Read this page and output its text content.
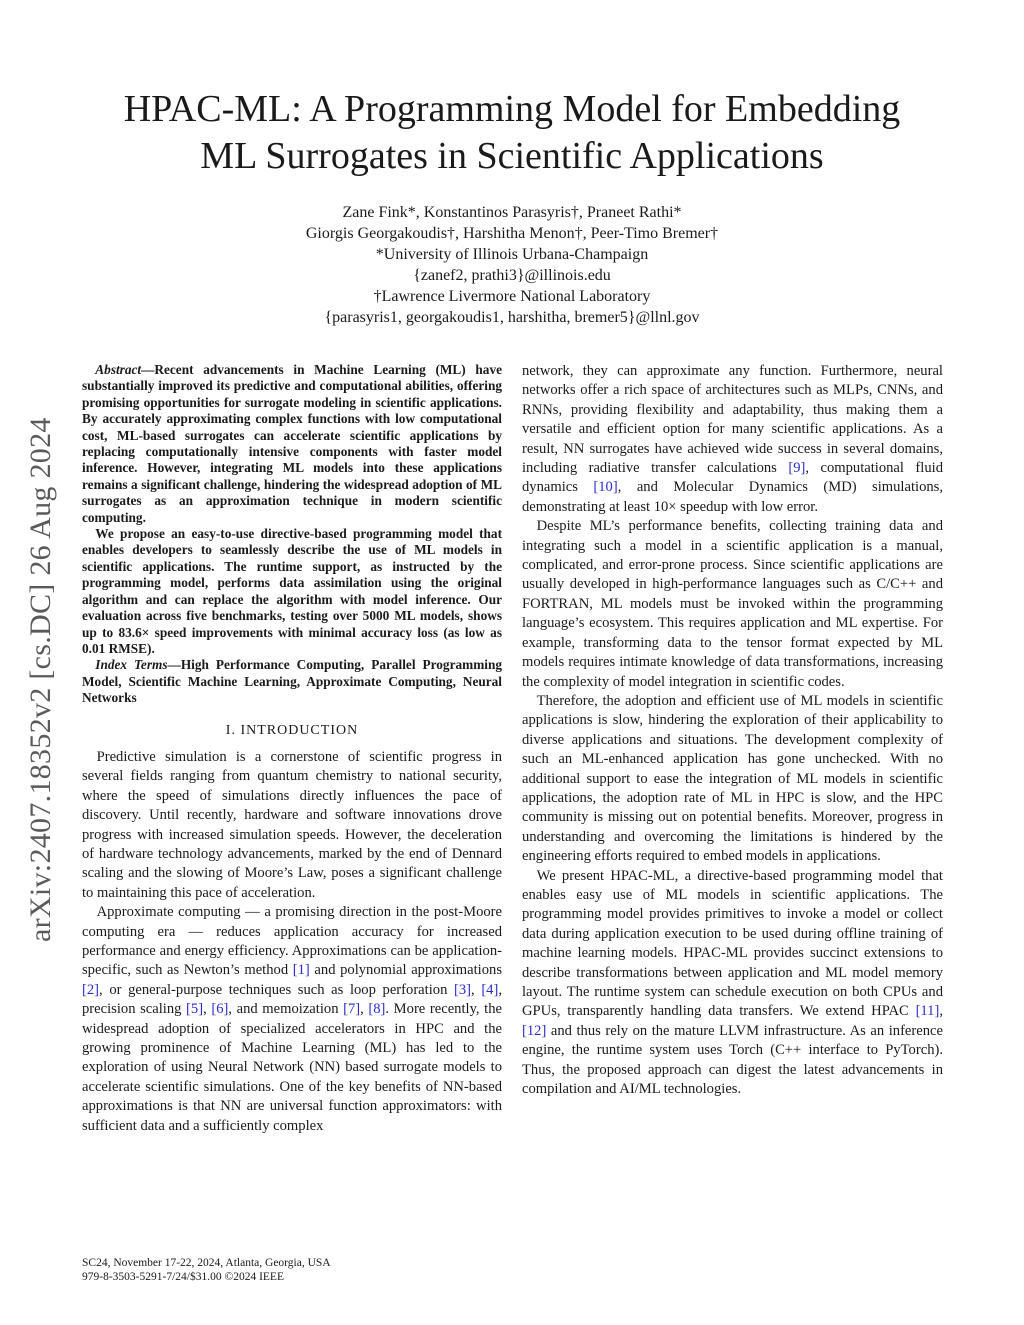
arXiv:2407.18352v2 [cs.DC] 26 Aug 2024
HPAC-ML: A Programming Model for Embedding
ML Surrogates in Scientific Applications
Zane Fink*, Konstantinos Parasyris†, Praneet Rathi*
Giorgis Georgakoudis†, Harshitha Menon†, Peer-Timo Bremer†
*University of Illinois Urbana-Champaign
{zanef2, prathi3}@illinois.edu
†Lawrence Livermore National Laboratory
{parasyris1, georgakoudis1, harshitha, bremer5}@llnl.gov

Abstract—Recent advancements in Machine Learning (ML) have substantially improved its predictive and computational abilities, offering promising opportunities for surrogate modeling in scientific applications. By accurately approximating complex functions with low computational cost, ML-based surrogates can accelerate scientific applications by replacing computationally intensive components with faster model inference. However, integrating ML models into these applications remains a significant challenge, hindering the widespread adoption of ML surrogates as an approximation technique in modern scientific computing.

We propose an easy-to-use directive-based programming model that enables developers to seamlessly describe the use of ML models in scientific applications. The runtime support, as instructed by the programming model, performs data assimilation using the original algorithm and can replace the algorithm with model inference. Our evaluation across five benchmarks, testing over 5000 ML models, shows up to 83.6× speed improvements with minimal accuracy loss (as low as 0.01 RMSE).

Index Terms—High Performance Computing, Parallel Programming Model, Scientific Machine Learning, Approximate Computing, Neural Networks

I. INTRODUCTION

Predictive simulation is a cornerstone of scientific progress in several fields ranging from quantum chemistry to national security, where the speed of simulations directly influences the pace of discovery. Until recently, hardware and software innovations drove progress with increased simulation speeds. However, the deceleration of hardware technology advancements, marked by the end of Dennard scaling and the slowing of Moore’s Law, poses a significant challenge to maintaining this pace of acceleration.

Approximate computing — a promising direction in the post-Moore computing era — reduces application accuracy for increased performance and energy efficiency. Approximations can be application-specific, such as Newton’s method [1] and polynomial approximations [2], or general-purpose techniques such as loop perforation [3], [4], precision scaling [5], [6], and memoization [7], [8]. More recently, the widespread adoption of specialized accelerators in HPC and the growing prominence of Machine Learning (ML) has led to the exploration of using Neural Network (NN) based surrogate models to accelerate scientific simulations. One of the key benefits of NN-based approximations is that NN are universal function approximators: with sufficient data and a sufficiently complex

network, they can approximate any function. Furthermore, neural networks offer a rich space of architectures such as MLPs, CNNs, and RNNs, providing flexibility and adaptability, thus making them a versatile and efficient option for many scientific applications. As a result, NN surrogates have achieved wide success in several domains, including radiative transfer calculations [9], computational fluid dynamics [10], and Molecular Dynamics (MD) simulations, demonstrating at least 10× speedup with low error.

Despite ML’s performance benefits, collecting training data and integrating such a model in a scientific application is a manual, complicated, and error-prone process. Since scientific applications are usually developed in high-performance languages such as C/C++ and FORTRAN, ML models must be invoked within the programming language’s ecosystem. This requires application and ML expertise. For example, transforming data to the tensor format expected by ML models requires intimate knowledge of data transformations, increasing the complexity of model integration in scientific codes.

Therefore, the adoption and efficient use of ML models in scientific applications is slow, hindering the exploration of their applicability to diverse applications and situations. The development complexity of such an ML-enhanced application has gone unchecked. With no additional support to ease the integration of ML models in scientific applications, the adoption rate of ML in HPC is slow, and the HPC community is missing out on potential benefits. Moreover, progress in understanding and overcoming the limitations is hindered by the engineering efforts required to embed models in applications.

We present HPAC-ML, a directive-based programming model that enables easy use of ML models in scientific applications. The programming model provides primitives to invoke a model or collect data during application execution to be used during offline training of machine learning models. HPAC-ML provides succinct extensions to describe transformations between application and ML model memory layout. The runtime system can schedule execution on both CPUs and GPUs, transparently handling data transfers. We extend HPAC [11], [12] and thus rely on the mature LLVM infrastructure. As an inference engine, the runtime system uses Torch (C++ interface to PyTorch). Thus, the proposed approach can digest the latest advancements in compilation and AI/ML technologies.

SC24, November 17-22, 2024, Atlanta, Georgia, USA
979-8-3503-5291-7/24/$31.00 ©2024 IEEE
